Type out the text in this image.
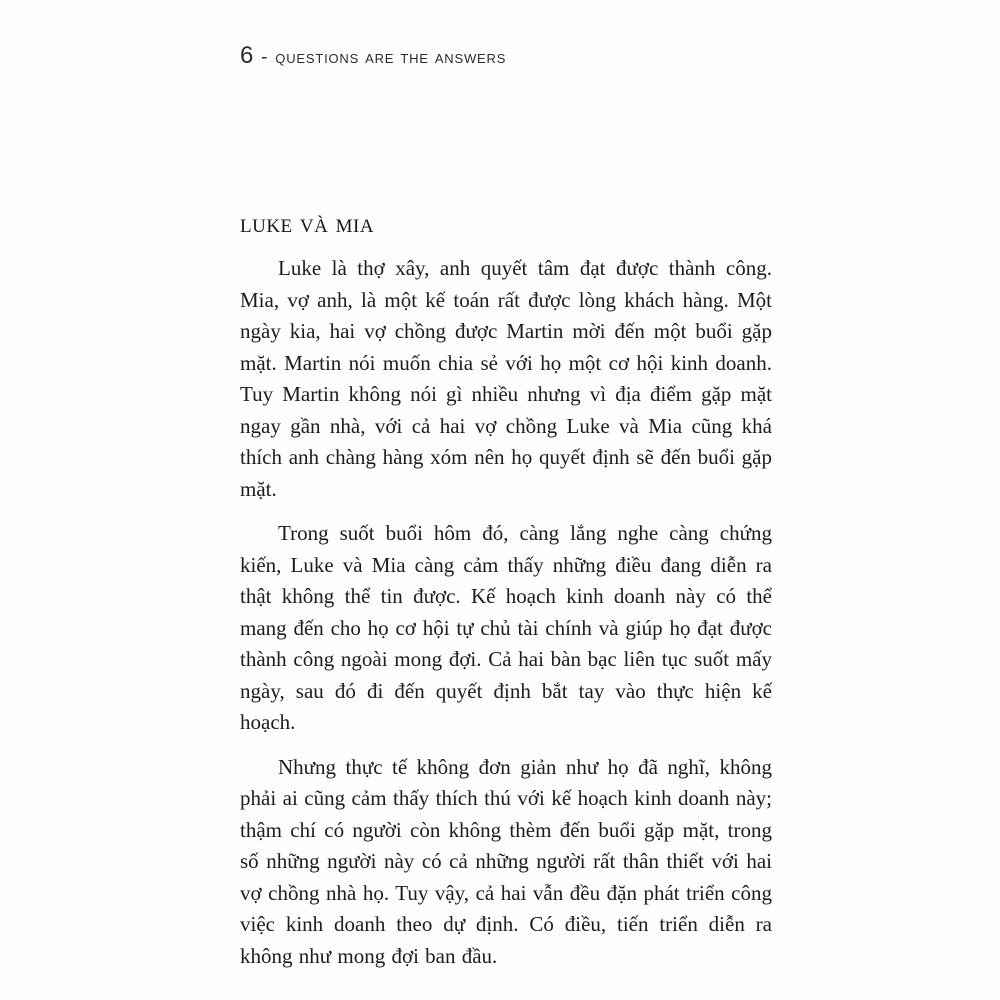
6 - questions are the answers
luke và mia

Luke là thợ xây, anh quyết tâm đạt được thành công. Mia, vợ anh, là một kế toán rất được lòng khách hàng. Một ngày kia, hai vợ chồng được Martin mời đến một buổi gặp mặt. Martin nói muốn chia sẻ với họ một cơ hội kinh doanh. Tuy Martin không nói gì nhiều nhưng vì địa điểm gặp mặt ngay gần nhà, với cả hai vợ chồng Luke và Mia cũng khá thích anh chàng hàng xóm nên họ quyết định sẽ đến buổi gặp mặt.

Trong suốt buổi hôm đó, càng lắng nghe càng chứng kiến, Luke và Mia càng cảm thấy những điều đang diễn ra thật không thể tin được. Kế hoạch kinh doanh này có thể mang đến cho họ cơ hội tự chủ tài chính và giúp họ đạt được thành công ngoài mong đợi. Cả hai bàn bạc liên tục suốt mấy ngày, sau đó đi đến quyết định bắt tay vào thực hiện kế hoạch.

Nhưng thực tế không đơn giản như họ đã nghĩ, không phải ai cũng cảm thấy thích thú với kế hoạch kinh doanh này; thậm chí có người còn không thèm đến buổi gặp mặt, trong số những người này có cả những người rất thân thiết với hai vợ chồng nhà họ. Tuy vậy, cả hai vẫn đều đặn phát triển công việc kinh doanh theo dự định. Có điều, tiến triển diễn ra không như mong đợi ban đầu.
